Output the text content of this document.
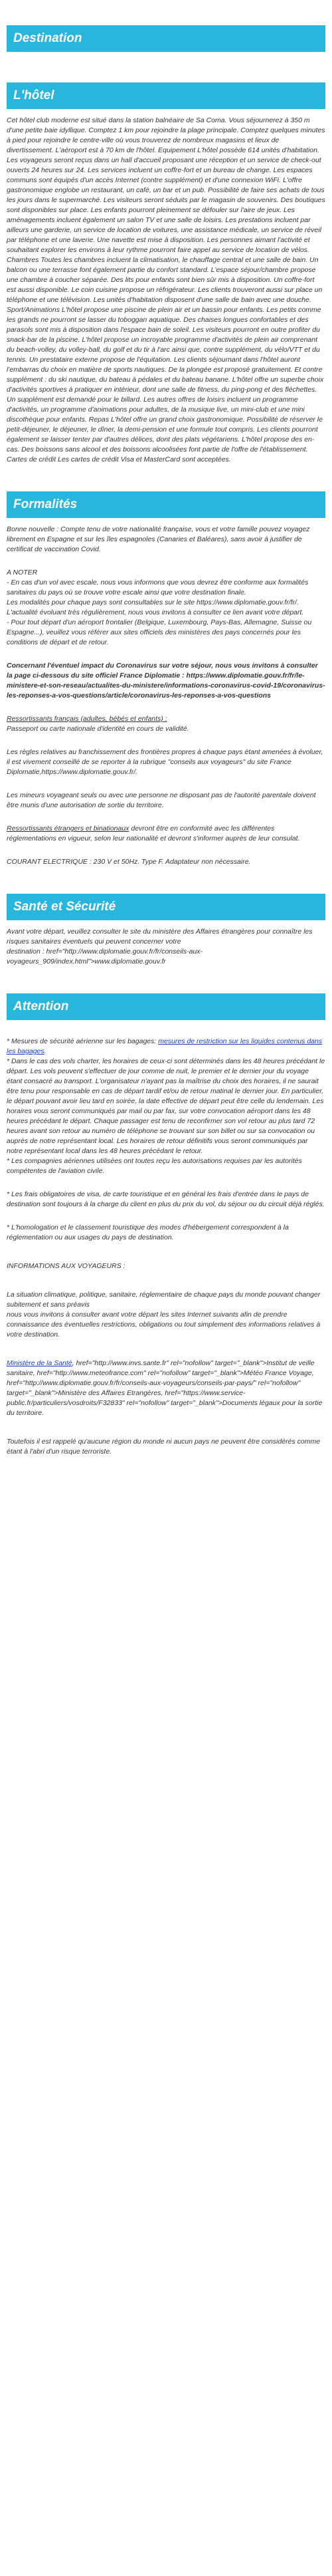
Destination
L'hôtel

Cet hôtel club moderne est situé dans la station balnéaire de Sa Coma. Vous séjournerez à 350 m d'une petite baie idyllique. Comptez 1 km pour rejoindre la plage principale. Comptez quelques minutes à pied pour rejoindre le centre-ville où vous trouverez de nombreux magasins et lieux de divertissement. L'aéroport est à 70 km de l'hôtel. Equipement L'hôtel possède 614 unités d'habitation. Les voyageurs seront reçus dans un hall d'accueil proposant une réception et un service de check-out ouverts 24 heures sur 24. Les services incluent un coffre-fort et un bureau de change. Les espaces communs sont équipés d'un accès Internet (contre supplément) et d'une connexion WiFi. L'offre gastronomique englobe un restaurant, un café, un bar et un pub. Possibilité de faire ses achats de tous les jours dans le supermarché. Les visiteurs seront séduits par le magasin de souvenirs. Des boutiques sont disponibles sur place. Les enfants pourront pleinement se défouler sur l'aire de jeux. Les aménagements incluent également un salon TV et une salle de loisirs. Les prestations incluent par ailleurs une garderie, un service de location de voitures, une assistance médicale, un service de réveil par téléphone et une laverie. Une navette est mise à disposition. Les personnes aimant l'activité et souhaitant explorer les environs à leur rythme pourront faire appel au service de location de vélos. Chambres Toutes les chambres incluent la climatisation, le chauffage central et une salle de bain. Un balcon ou une terrasse font également partie du confort standard. L'espace séjour/chambre propose une chambre à coucher séparée. Des lits pour enfants sont bien sûr mis à disposition. Un coffre-fort est aussi disponible. Le coin cuisine propose un réfrigérateur. Les clients trouveront aussi sur place un téléphone et une télévision. Les unités d'habitation disposent d'une salle de bain avec une douche. Sport/Animations L'hôtel propose une piscine de plein air et un bassin pour enfants. Les petits comme les grands ne pourront se lasser du toboggan aquatique. Des chaises longues confortables et des parasols sont mis à disposition dans l'espace bain de soleil. Les visiteurs pourront en outre profiter du snack-bar de la piscine. L'hôtel propose un incroyable programme d'activités de plein air comprenant du beach-volley, du volley-ball, du golf et du tir à l'arc ainsi que, contre supplément, du vélo/VTT et du tennis. Un prestataire externe propose de l'équitation. Les clients séjournant dans l'hôtel auront l'embarras du choix en matière de sports nautiques. De la plongée est proposé gratuitement. Et contre supplément : du ski nautique, du bateau à pédales et du bateau banane. L'hôtel offre un superbe choix d'activités sportives à pratiquer en intérieur, dont une salle de fitness, du ping-pong et des fléchettes. Un supplément est demandé pour le billard. Les autres offres de loisirs incluent un programme d'activités, un programme d'animations pour adultes, de la musique live, un mini-club et une mini discothèque pour enfants. Repas L'hôtel offre un grand choix gastronomique. Possibilité de réserver le petit-déjeuner, le déjeuner, le dîner, la demi-pension et une formule tout compris. Les clients pourront également se laisser tenter par d'autres délices, dont des plats végétariens. L'hôtel propose des en-cas. Des boissons sans alcool et des boissons alcoolisées font partie de l'offre de l'établissement. Cartes de crédit Les cartes de crédit Visa et MasterCard sont acceptées.

Formalités

Bonne nouvelle : Compte tenu de votre nationalité française, vous et votre famille pouvez voyagez librement en Espagne et sur les îles espagnoles (Canaries et Baléares), sans avoir à justifier de certificat de vaccination Covid.

A NOTER
- En cas d'un vol avec escale, nous vous informons que vous devrez être conforme aux formalités sanitaires du pays où se trouve votre escale ainsi que votre destination finale.
Les modalités pour chaque pays sont consultables sur le site https://www.diplomatie.gouv.fr/fr/. L'actualité évoluant très régulièrement, nous vous invitons à consulter ce lien avant votre départ.
- Pour tout départ d'un aéroport frontalier (Belgique, Luxembourg, Pays-Bas, Allemagne, Suisse ou Espagne...), veuillez vous référer aux sites officiels des ministères des pays concernés pour les conditions de départ et de retour.

Concernant l'éventuel impact du Coronavirus sur votre séjour, nous vous invitons à consulter la page ci-dessous du site officiel France Diplomatie : https://www.diplomatie.gouv.fr/fr/le-ministere-et-son-reseau/actualites-du-ministere/informations-coronavirus-covid-19/coronavirus-les-reponses-a-vos-questions/article/coronavirus-les-reponses-a-vos-questions

Ressortissants français (adultes, bébés et enfants) :
Passeport ou carte nationale d'identité en cours de validité.

Les règles relatives au franchissement des frontières propres à chaque pays étant amenées à évoluer, il est vivement conseillé de se reporter à la rubrique "conseils aux voyageurs" du site France Diplomatie,https://www.diplomatie.gouv.fr/.

Les mineurs voyageant seuls ou avec une personne ne disposant pas de l'autorité parentale doivent être munis d'une autorisation de sortie du territoire.

Ressortissants étrangers et binationaux devront être en conformité avec les différentes réglementations en vigueur, selon leur nationalité et devront s'informer auprès de leur consulat.

COURANT ELECTRIQUE : 230 V et 50Hz. Type F. Adaptateur non nécessaire.

Santé et Sécurité

Avant votre départ, veuillez consulter le site du ministère des Affaires étrangères pour connaître les risques sanitaires éventuels qui peuvent concerner votre
destination : href="http://www.diplomatie.gouv.fr/fr/conseils-aux-voyageurs_909/index.html">www.diplomatie.gouv.fr

Attention

* Mesures de sécurité aérienne sur les bagages: mesures de restriction sur les liquides contenus dans les bagages.
* Dans le cas des vols charter, les horaires de ceux-ci sont déterminés dans les 48 heures précédant le départ. Les vols peuvent s'effectuer de jour comme de nuit, le premier et le dernier jour du voyage étant consacré au transport. L'organisateur n'ayant pas la maîtrise du choix des horaires, il ne saurait être tenu pour responsable en cas de départ tardif et/ou de retour matinal le dernier jour. En particulier, le départ pouvant avoir lieu tard en soirée, la date effective de départ peut être celle du lendemain. Les horaires vous seront communiqués par mail ou par fax, sur votre convocation aéroport dans les 48 heures précédant le départ. Chaque passager est tenu de reconfirmer son vol retour au plus tard 72 heures avant son retour au numéro de téléphone se trouvant sur son billet ou sur sa convocation ou auprès de notre représentant local. Les horaires de retour définitifs vous seront communiqués par notre représentant local dans les 48 heures précédant le retour.
* Les compagnies aériennes utilisées ont toutes reçu les autorisations requises par les autorités compétentes de l'aviation civile.

* Les frais obligatoires de visa, de carte touristique et en général les frais d'entrée dans le pays de destination sont toujours à la charge du client en plus du prix du vol, du séjour ou du circuit déjà réglés.

* L'homologation et le classement touristique des modes d'hébergement correspondent à la réglementation ou aux usages du pays de destination.

INFORMATIONS AUX VOYAGEURS :

La situation climatique, politique, sanitaire, réglementaire de chaque pays du monde pouvant changer subitement et sans préavis
nous vous invitons à consulter avant votre départ les sites Internet suivants afin de prendre connaissance des éventuelles restrictions, obligations ou tout simplement des informations relatives à votre destination.

Ministère de la Santé, href="http://www.invs.sante.fr" rel="nofollow" target="_blank">Institut de veille sanitaire, href="http://www.meteofrance.com" rel="nofollow" target="_blank">Météo France Voyage, href="http://www.diplomatie.gouv.fr/fr/conseils-aux-voyageurs/conseils-par-pays/" rel="nofollow" target="_blank">Ministère des Affaires Etrangères, href="https://www.service-public.fr/particuliers/vosdroits/F32833" rel="nofollow" target="_blank">Documents légaux pour la sortie du territoire.

Toutefois il est rappelé qu'aucune région du monde ni aucun pays ne peuvent être considérés comme étant à l'abri d'un risque terroriste.
